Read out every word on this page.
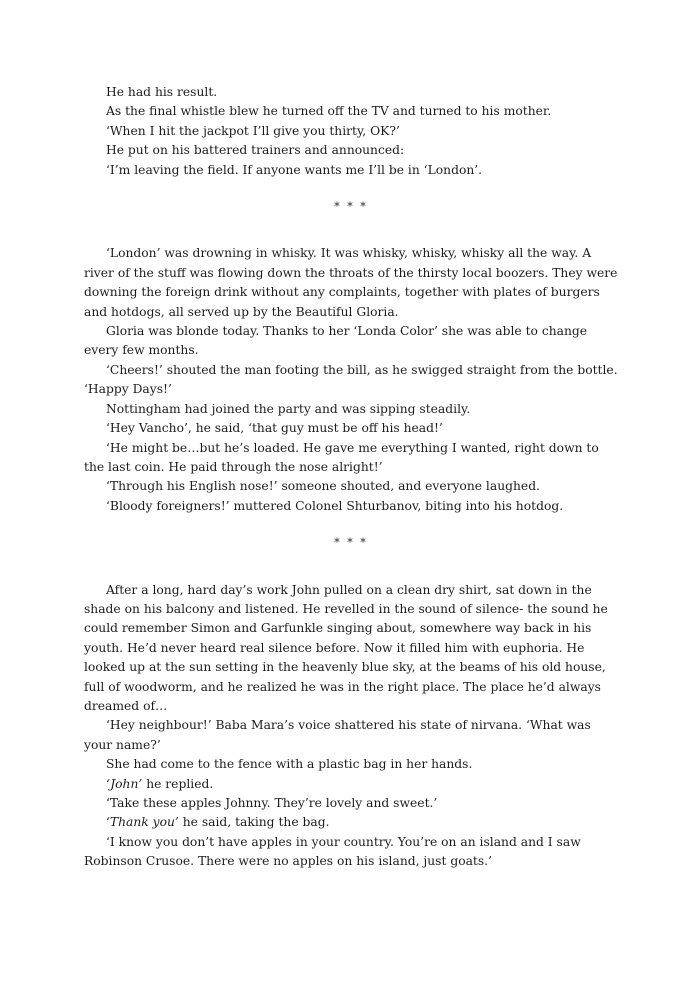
He had his result.

As the final whistle blew he turned off the TV and turned to his mother.

‘When I hit the jackpot I’ll give you thirty, OK?’

He put on his battered trainers and announced:

‘I’m leaving the field. If anyone wants me I’ll be in ‘London’.

* * *

‘London’ was drowning in whisky. It was whisky, whisky, whisky all the way. A river of the stuff was flowing down the throats of the thirsty local boozers. They were downing the foreign drink without any complaints, together with plates of burgers and hotdogs, all served up by the Beautiful Gloria.

Gloria was blonde today. Thanks to her ‘Londa Color’ she was able to change every few months.

‘Cheers!’ shouted the man footing the bill, as he swigged straight from the bottle.

‘Happy Days!’

Nottingham had joined the party and was sipping steadily.

‘Hey Vancho’, he said, ‘that guy must be off his head!’

‘He might be…but he’s loaded. He gave me everything I wanted, right down to the last coin. He paid through the nose alright!’

‘Through his English nose!’ someone shouted, and everyone laughed.

‘Bloody foreigners!’ muttered Colonel Shturbanov, biting into his hotdog.

* * *

After a long, hard day’s work John pulled on a clean dry shirt, sat down in the shade on his balcony and listened. He revelled in the sound of silence- the sound he could remember Simon and Garfunkle singing about, somewhere way back in his youth. He’d never heard real silence before. Now it filled him with euphoria. He looked up at the sun setting in the heavenly blue sky, at the beams of his old house, full of woodworm, and he realized he was in the right place. The place he’d always dreamed of…

‘Hey neighbour!’ Baba Mara’s voice shattered his state of nirvana. ‘What was your name?’

She had come to the fence with a plastic bag in her hands.

‘John’ he replied.

‘Take these apples Johnny. They’re lovely and sweet.’

‘Thank you’ he said, taking the bag.

‘I know you don’t have apples in your country. You’re on an island and I saw Robinson Crusoe. There were no apples on his island, just goats.’
